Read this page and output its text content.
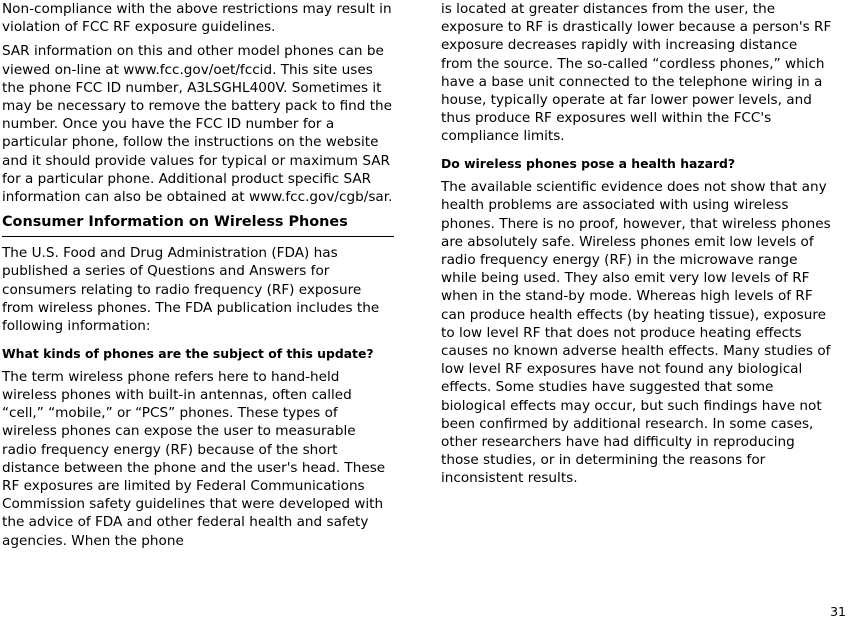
Non-compliance with the above restrictions may result in violation of FCC RF exposure guidelines.

SAR information on this and other model phones can be viewed on-line at www.fcc.gov/oet/fccid. This site uses the phone FCC ID number, A3LSGHL400V. Sometimes it may be necessary to remove the battery pack to find the number. Once you have the FCC ID number for a particular phone, follow the instructions on the website and it should provide values for typical or maximum SAR for a particular phone. Additional product specific SAR information can also be obtained at www.fcc.gov/cgb/sar.

Consumer Information on Wireless Phones

The U.S. Food and Drug Administration (FDA) has published a series of Questions and Answers for consumers relating to radio frequency (RF) exposure from wireless phones. The FDA publication includes the following information:

What kinds of phones are the subject of this update?

The term wireless phone refers here to hand-held wireless phones with built-in antennas, often called “cell,” “mobile,” or “PCS” phones. These types of wireless phones can expose the user to measurable radio frequency energy (RF) because of the short distance between the phone and the user's head. These RF exposures are limited by Federal Communications Commission safety guidelines that were developed with the advice of FDA and other federal health and safety agencies. When the phone

is located at greater distances from the user, the exposure to RF is drastically lower because a person's RF exposure decreases rapidly with increasing distance from the source. The so-called “cordless phones,” which have a base unit connected to the telephone wiring in a house, typically operate at far lower power levels, and thus produce RF exposures well within the FCC's compliance limits.

Do wireless phones pose a health hazard?

The available scientific evidence does not show that any health problems are associated with using wireless phones. There is no proof, however, that wireless phones are absolutely safe. Wireless phones emit low levels of radio frequency energy (RF) in the microwave range while being used. They also emit very low levels of RF when in the stand-by mode. Whereas high levels of RF can produce health effects (by heating tissue), exposure to low level RF that does not produce heating effects causes no known adverse health effects. Many studies of low level RF exposures have not found any biological effects. Some studies have suggested that some biological effects may occur, but such findings have not been confirmed by additional research. In some cases, other researchers have had difficulty in reproducing those studies, or in determining the reasons for inconsistent results.

31
